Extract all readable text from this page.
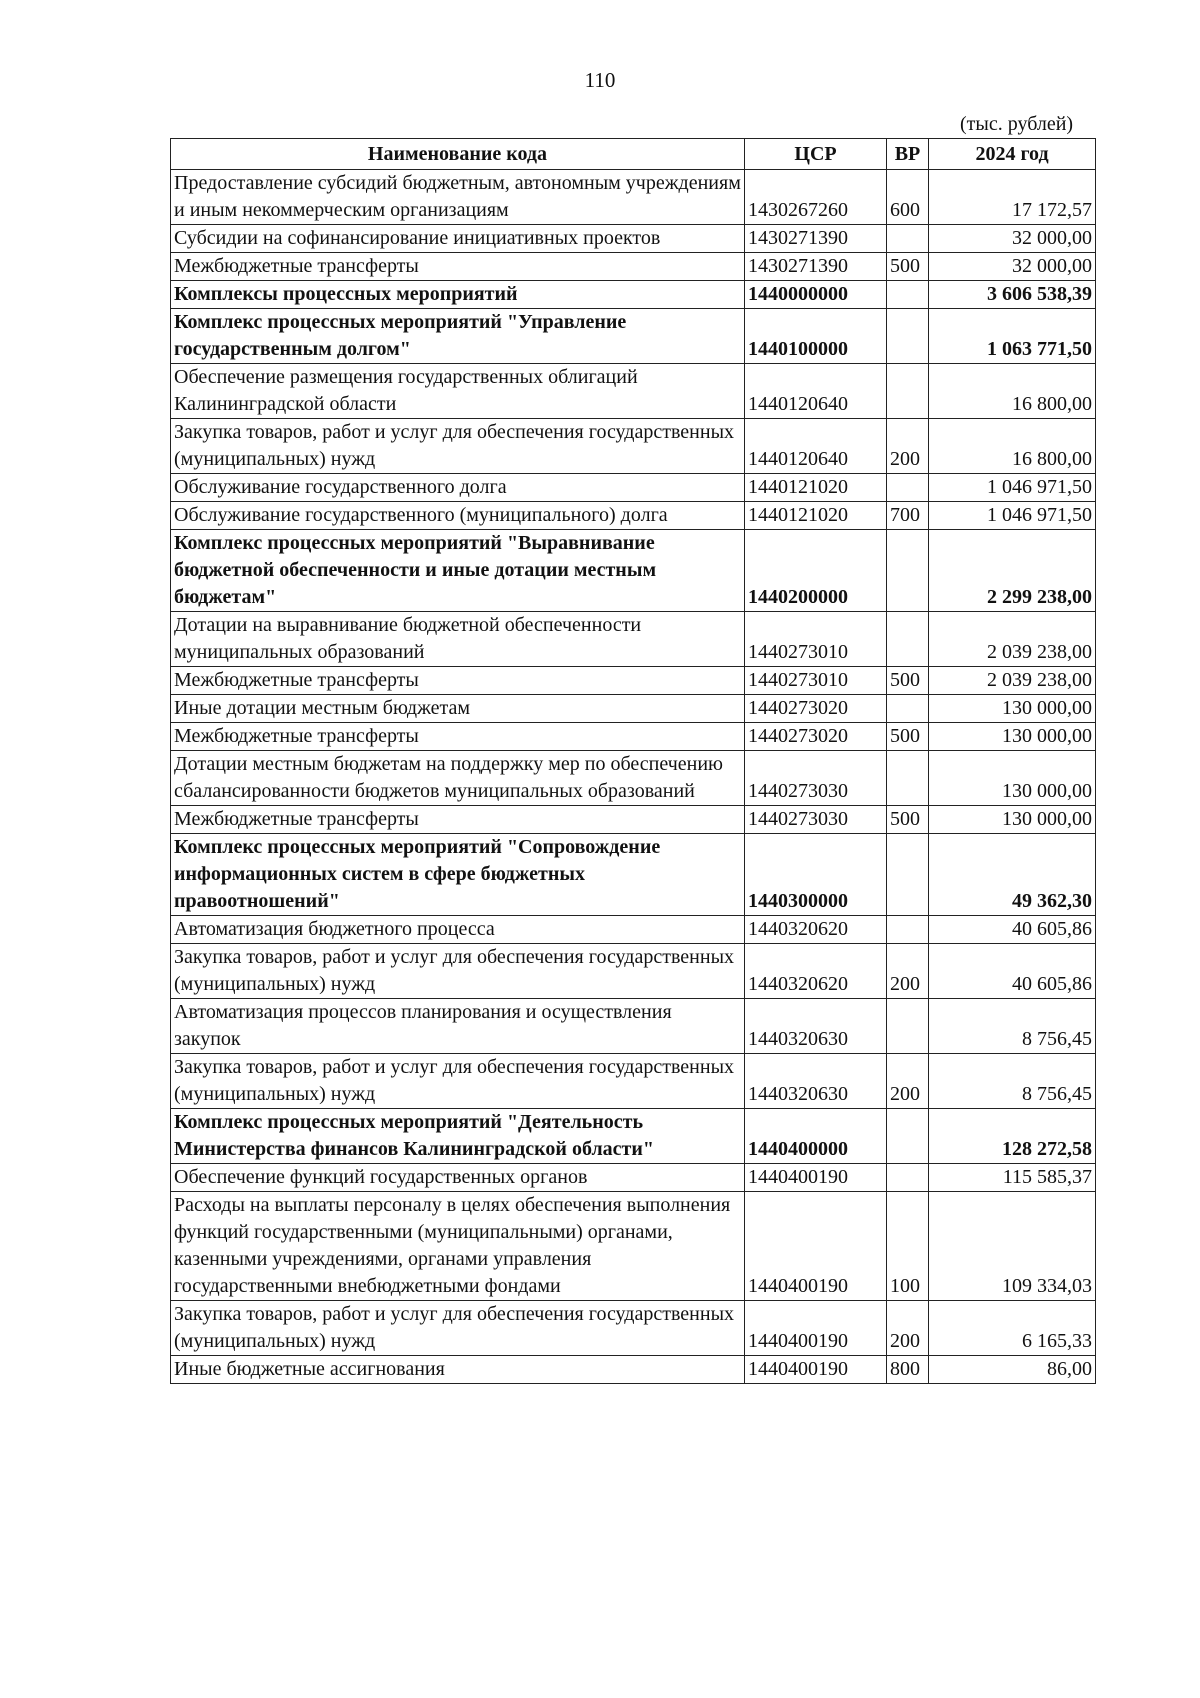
110
(тыс. рублей)
Наименование кода	ЦСР	ВР	2024 год
Предоставление субсидий бюджетным, автономным учреждениям и иным некоммерческим организациям	1430267260	600	17 172,57
Субсидии на софинансирование инициативных проектов	1430271390		32 000,00
Межбюджетные трансферты	1430271390	500	32 000,00
Комплексы процессных мероприятий	1440000000		3 606 538,39
Комплекс процессных мероприятий "Управление государственным долгом"	1440100000		1 063 771,50
Обеспечение размещения государственных облигаций Калининградской области	1440120640		16 800,00
Закупка товаров, работ и услуг для обеспечения государственных (муниципальных) нужд	1440120640	200	16 800,00
Обслуживание государственного долга	1440121020		1 046 971,50
Обслуживание государственного (муниципального) долга	1440121020	700	1 046 971,50
Комплекс процессных мероприятий "Выравнивание бюджетной обеспеченности и иные дотации местным бюджетам"	1440200000		2 299 238,00
Дотации на выравнивание бюджетной обеспеченности муниципальных образований	1440273010		2 039 238,00
Межбюджетные трансферты	1440273010	500	2 039 238,00
Иные дотации местным бюджетам	1440273020		130 000,00
Межбюджетные трансферты	1440273020	500	130 000,00
Дотации местным бюджетам на поддержку мер по обеспечению сбалансированности бюджетов муниципальных образований	1440273030		130 000,00
Межбюджетные трансферты	1440273030	500	130 000,00
Комплекс процессных мероприятий "Сопровождение информационных систем в сфере бюджетных правоотношений"	1440300000		49 362,30
Автоматизация бюджетного процесса	1440320620		40 605,86
Закупка товаров, работ и услуг для обеспечения государственных (муниципальных) нужд	1440320620	200	40 605,86
Автоматизация процессов планирования и осуществления закупок	1440320630		8 756,45
Закупка товаров, работ и услуг для обеспечения государственных (муниципальных) нужд	1440320630	200	8 756,45
Комплекс процессных мероприятий "Деятельность Министерства финансов Калининградской области"	1440400000		128 272,58
Обеспечение функций государственных органов	1440400190		115 585,37
Расходы на выплаты персоналу в целях обеспечения выполнения функций государственными (муниципальными) органами, казенными учреждениями, органами управления государственными внебюджетными фондами	1440400190	100	109 334,03
Закупка товаров, работ и услуг для обеспечения государственных (муниципальных) нужд	1440400190	200	6 165,33
Иные бюджетные ассигнования	1440400190	800	86,00
